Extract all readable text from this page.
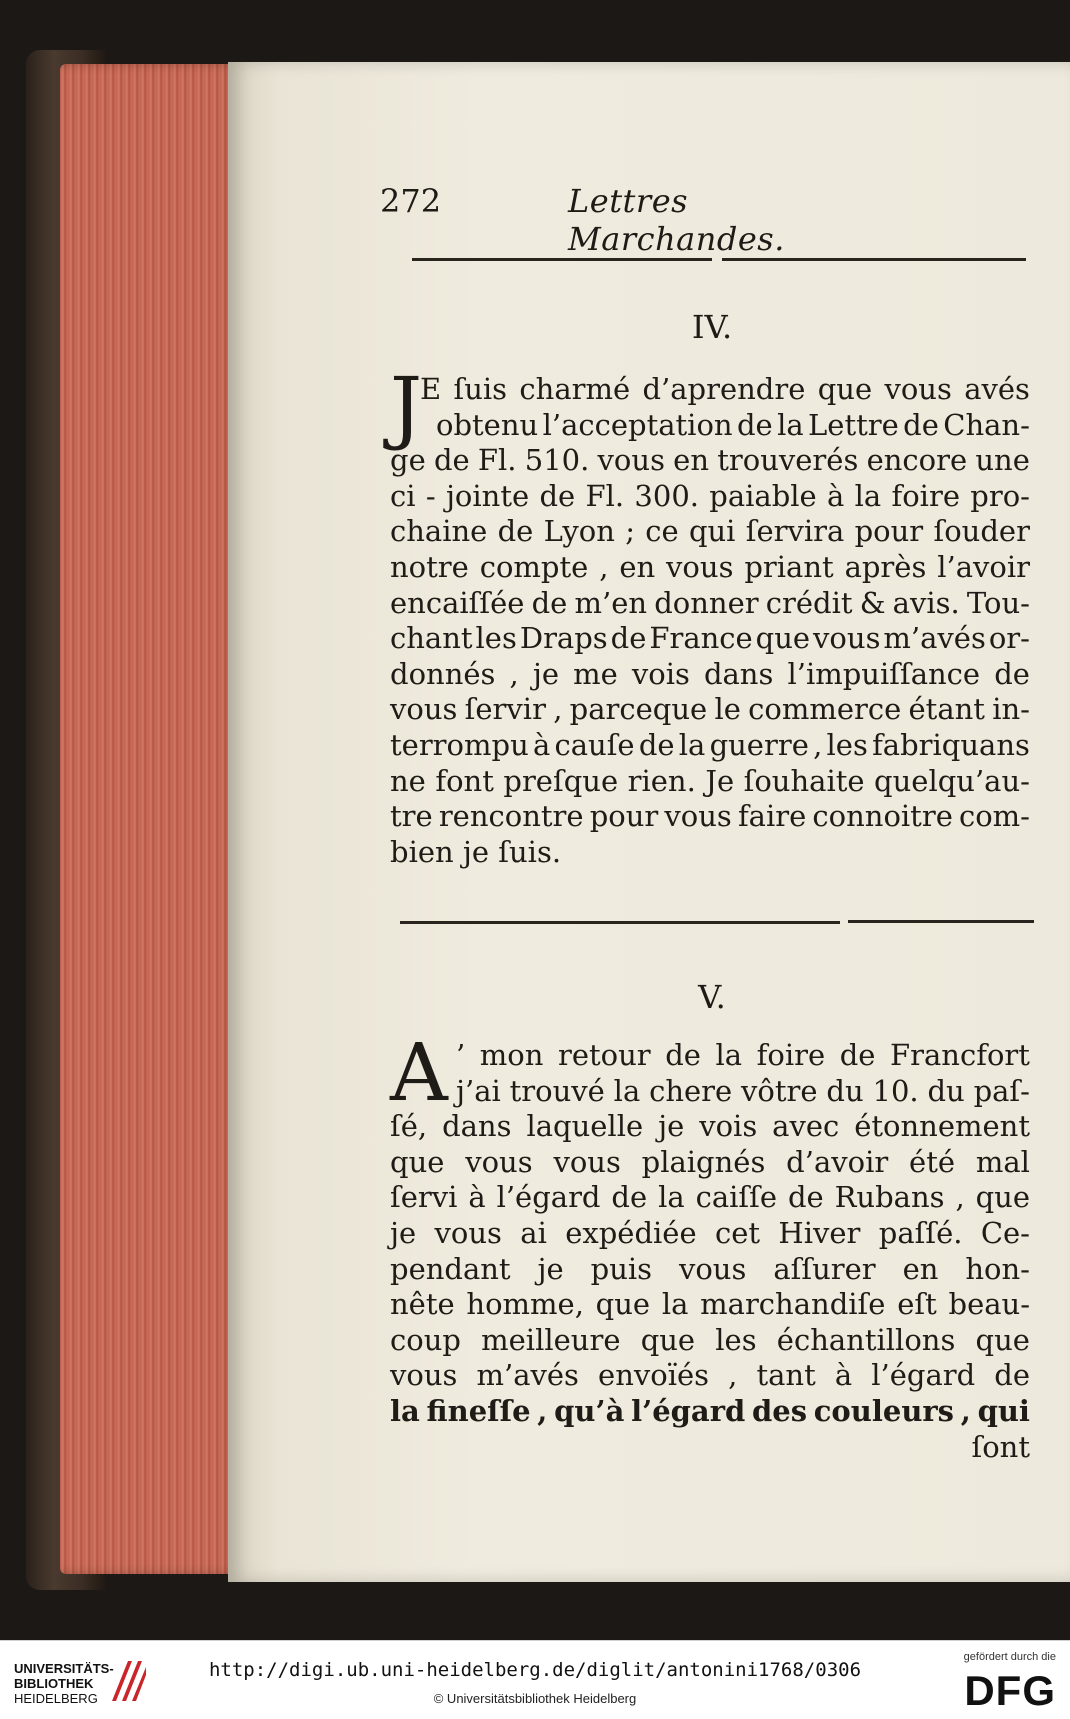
272	Lettres Marchandes.
IV.
J
E ſuis charmé d’aprendre que vous avés
obtenu l’acceptation de la Lettre de Chan-
ge de Fl. 510. vous en trouverés encore une
ci - jointe de Fl. 300. paiable à la foire pro-
chaine de Lyon ; ce qui ſervira pour ſouder
notre compte , en vous priant après l’avoir
encaiſſée de m’en donner crédit & avis. Tou-
chant les Draps de France que vous m’avés or-
donnés , je me vois dans l’impuiſſance de
vous ſervir , parceque le commerce étant in-
terrompu à cauſe de la guerre , les fabriquans
ne font preſque rien. Je ſouhaite quelqu’au-
tre rencontre pour vous faire connoitre com-
bien je ſuis.
V.
A ’ mon retour de la foire de Francfort
j’ai trouvé la chere vôtre du 10. du paſ-
ſé, dans laquelle je vois avec étonnement
que vous vous plaignés d’avoir été mal
ſervi à l’égard de la caiſſe de Rubans , que
je vous ai expédiée cet Hiver paſſé. Ce-
pendant je puis vous aſſurer en hon-
nête homme, que la marchandiſe eſt beau-
coup meilleure que les échantillons que
vous m’avés envoïés , tant à l’égard de
la fineſſe , qu’à l’égard des couleurs , qui
ſont
UNIVERSITÄTS-
BIBLIOTHEK
HEIDELBERG
http://digi.ub.uni-heidelberg.de/diglit/antonini1768/0306
© Universitätsbibliothek Heidelberg
gefördert durch die
DFG
